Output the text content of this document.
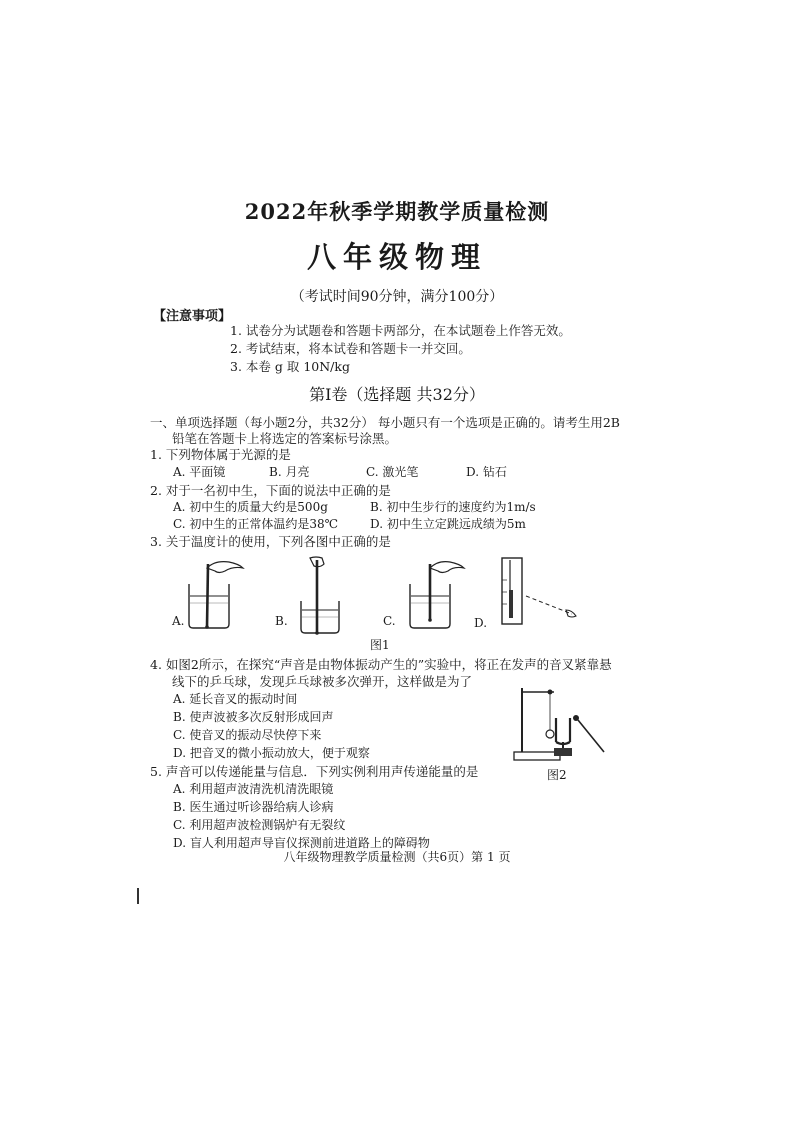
2022年秋季学期教学质量检测
八年级物理
（考试时间90分钟，满分100分）
【注意事项】
1. 试卷分为试题卷和答题卡两部分，在本试题卷上作答无效。
2. 考试结束，将本试卷和答题卡一并交回。
3. 本卷 g 取 10N/kg
第Ⅰ卷（选择题 共32分）
一、单项选择题（每小题2分，共32分） 每小题只有一个选项是正确的。请考生用2B
铅笔在答题卡上将选定的答案标号涂黑。
1. 下列物体属于光源的是
A. 平面镜	B. 月亮	C. 激光笔	D. 钻石
2. 对于一名初中生，下面的说法中正确的是
A. 初中生的质量大约是500g	B. 初中生步行的速度约为1m/s
C. 初中生的正常体温约是38℃	D. 初中生立定跳远成绩为5m
3. 关于温度计的使用，下列各图中正确的是
A.	B.	C.	D.
图1
4. 如图2所示，在探究“声音是由物体振动产生的”实验中，将正在发声的音叉紧靠悬
线下的乒乓球，发现乒乓球被多次弹开，这样做是为了
A. 延长音叉的振动时间
B. 使声波被多次反射形成回声
C. 使音叉的振动尽快停下来
D. 把音叉的微小振动放大，便于观察
图2
5. 声音可以传递能量与信息．下列实例利用声传递能量的是
A. 利用超声波清洗机清洗眼镜
B. 医生通过听诊器给病人诊病
C. 利用超声波检测锅炉有无裂纹
D. 盲人利用超声导盲仪探测前进道路上的障碍物
八年级物理教学质量检测（共6页）第 1 页
